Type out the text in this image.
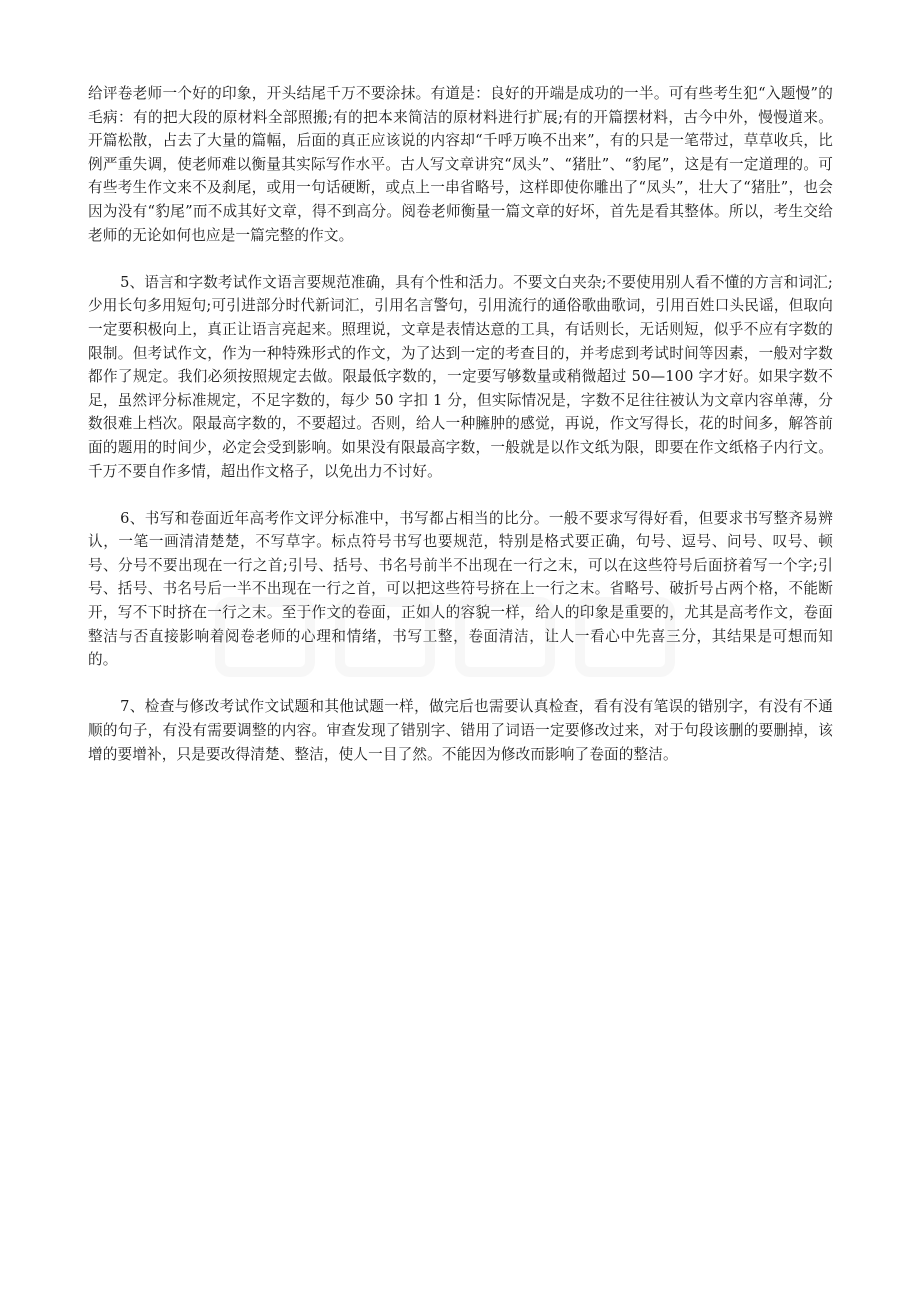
给评卷老师一个好的印象，开头结尾千万不要涂抹。有道是：良好的开端是成功的一半。可有些考生犯“入题慢”的毛病：有的把大段的原材料全部照搬;有的把本来简洁的原材料进行扩展;有的开篇摆材料，古今中外，慢慢道来。开篇松散，占去了大量的篇幅，后面的真正应该说的内容却“千呼万唤不出来”，有的只是一笔带过，草草收兵，比例严重失调，使老师难以衡量其实际写作水平。古人写文章讲究“凤头”、“猪肚”、“豹尾”，这是有一定道理的。可有些考生作文来不及刹尾，或用一句话硬断，或点上一串省略号，这样即使你雕出了“凤头”，壮大了“猪肚”，也会因为没有“豹尾”而不成其好文章，得不到高分。阅卷老师衡量一篇文章的好坏，首先是看其整体。所以，考生交给老师的无论如何也应是一篇完整的作文。

5、语言和字数考试作文语言要规范准确，具有个性和活力。不要文白夹杂;不要使用别人看不懂的方言和词汇;少用长句多用短句;可引进部分时代新词汇，引用名言警句，引用流行的通俗歌曲歌词，引用百姓口头民谣，但取向一定要积极向上，真正让语言亮起来。照理说，文章是表情达意的工具，有话则长，无话则短，似乎不应有字数的限制。但考试作文，作为一种特殊形式的作文，为了达到一定的考查目的，并考虑到考试时间等因素，一般对字数都作了规定。我们必须按照规定去做。限最低字数的，一定要写够数量或稍微超过 50—100 字才好。如果字数不足，虽然评分标准规定，不足字数的，每少 50 字扣 1 分，但实际情况是，字数不足往往被认为文章内容单薄，分数很难上档次。限最高字数的，不要超过。否则，给人一种臃肿的感觉，再说，作文写得长，花的时间多，解答前面的题用的时间少，必定会受到影响。如果没有限最高字数，一般就是以作文纸为限，即要在作文纸格子内行文。千万不要自作多情，超出作文格子，以免出力不讨好。

6、书写和卷面近年高考作文评分标准中，书写都占相当的比分。一般不要求写得好看，但要求书写整齐易辨认，一笔一画清清楚楚，不写草字。标点符号书写也要规范，特别是格式要正确，句号、逗号、问号、叹号、顿号、分号不要出现在一行之首;引号、括号、书名号前半不出现在一行之末，可以在这些符号后面挤着写一个字;引号、括号、书名号后一半不出现在一行之首，可以把这些符号挤在上一行之末。省略号、破折号占两个格，不能断开，写不下时挤在一行之末。至于作文的卷面，正如人的容貌一样，给人的印象是重要的，尤其是高考作文，卷面整洁与否直接影响着阅卷老师的心理和情绪，书写工整，卷面清洁，让人一看心中先喜三分，其结果是可想而知的。

7、检查与修改考试作文试题和其他试题一样，做完后也需要认真检查，看有没有笔误的错别字，有没有不通顺的句子，有没有需要调整的内容。审查发现了错别字、错用了词语一定要修改过来，对于句段该删的要删掉，该增的要增补，只是要改得清楚、整洁，使人一目了然。不能因为修改而影响了卷面的整洁。
